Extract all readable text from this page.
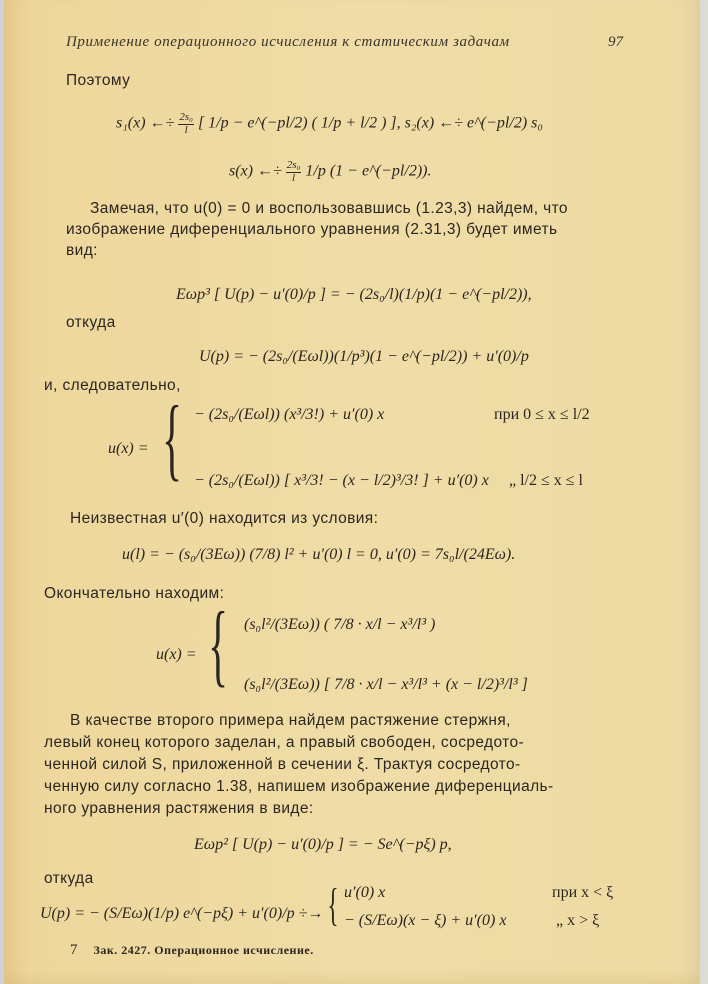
Применение операционного исчисления к статическим задачам	97
Поэтому
s₁(x) ←÷ $\frac{\text{2s₀}}{l}$ [ 1/p − e^(−pl/2) ( 1/p + l/2 ) ], s₂(x) ←÷ e^(−pl/2) s₀
s(x) ←÷ $\frac{\text{2s₀}}{l} 1/p$ (1 − e^(−pl/2)).
Замечая, что u(0) = 0 и воспользовавшись (1.23,3) найдем, что
изображение диференциального уравнения (2.31,3) будет иметь
вид:
Eωp³ [ U(p) − u′(0)/p ] = − (2s₀/l)(1/p)(1 − e^(−pl/2)),
откуда
U(p) = − (2s₀/(Eωl))(1/p³)(1 − e^(−pl/2)) + u′(0)/p
и, следовательно,
u(x) = { − (2s₀/(Eωl)) (x³/3!) + u′(0) x	при 0 ≤ x ≤ l/2
− (2s₀/(Eωl)) [ x³/3! − (x − l/2)³/3! ] + u′(0) x „ l/2 ≤ x ≤ l
Неизвестная u′(0) находится из условия:
u(l) = − (s₀/(3Eω)) (7/8) l² + u′(0) l = 0, u′(0) = 7s₀l/(24Eω).
Окончательно находим:
u(x) = { (s₀l²/(3Eω)) ( 7/8 · x/l − x³/l³ )
(s₀l²/(3Eω)) [ 7/8 · x/l − x³/l³ + (x − l/2)³/l³ ]
В качестве второго примера найдем растяжение стержня,
левый конец которого заделан, а правый свободен, сосредото-
ченной силой S, приложенной в сечении ξ. Трактуя сосредото-
ченную силу согласно 1.38, напишем изображение диференциаль-
ного уравнения растяжения в виде:
Eωp² [ U(p) − u′(0)/p ] = − Se^(−pξ) p,
откуда
U(p) = − (S/Eω)(1/p) e^(−pξ) + u′(0)/p ÷→ { u′(0) x	при x < ξ
− (S/Eω)(x − ξ) + u′(0) x	„ x > ξ
7 Зак. 2427. Операционное исчисление.
